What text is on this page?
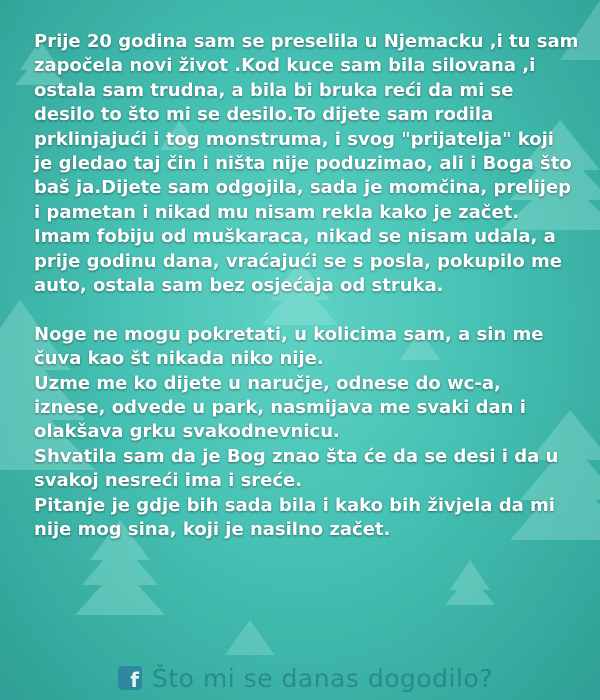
Prije 20 godina sam se preselila u Njemacku ,i tu sam
započela novi život .Kod kuce sam bila silovana ,i
ostala sam trudna, a bila bi bruka reći da mi se
desilo to što mi se desilo.To dijete sam rodila
prklinjajući i tog monstruma, i svog "prijatelja" koji
je gledao taj čin i ništa nije poduzimao, ali i Boga što
baš ja.Dijete sam odgojila, sada je momčina, prelijep
i pametan i nikad mu nisam rekla kako je začet.
Imam fobiju od muškaraca, nikad se nisam udala, a
prije godinu dana, vraćajući se s posla, pokupilo me
auto, ostala sam bez osjećaja od struka.
Noge ne mogu pokretati, u kolicima sam, a sin me
čuva kao št nikada niko nije.
Uzme me ko dijete u naručje, odnese do wc-a,
iznese, odvede u park, nasmijava me svaki dan i
olakšava grku svakodnevnicu.
Shvatila sam da je Bog znao šta će da se desi i da u
svakoj nesreći ima i sreće.
Pitanje je gdje bih sada bila i kako bih živjela da mi
nije mog sina, koji je nasilno začet.
f Što mi se danas dogodilo?
